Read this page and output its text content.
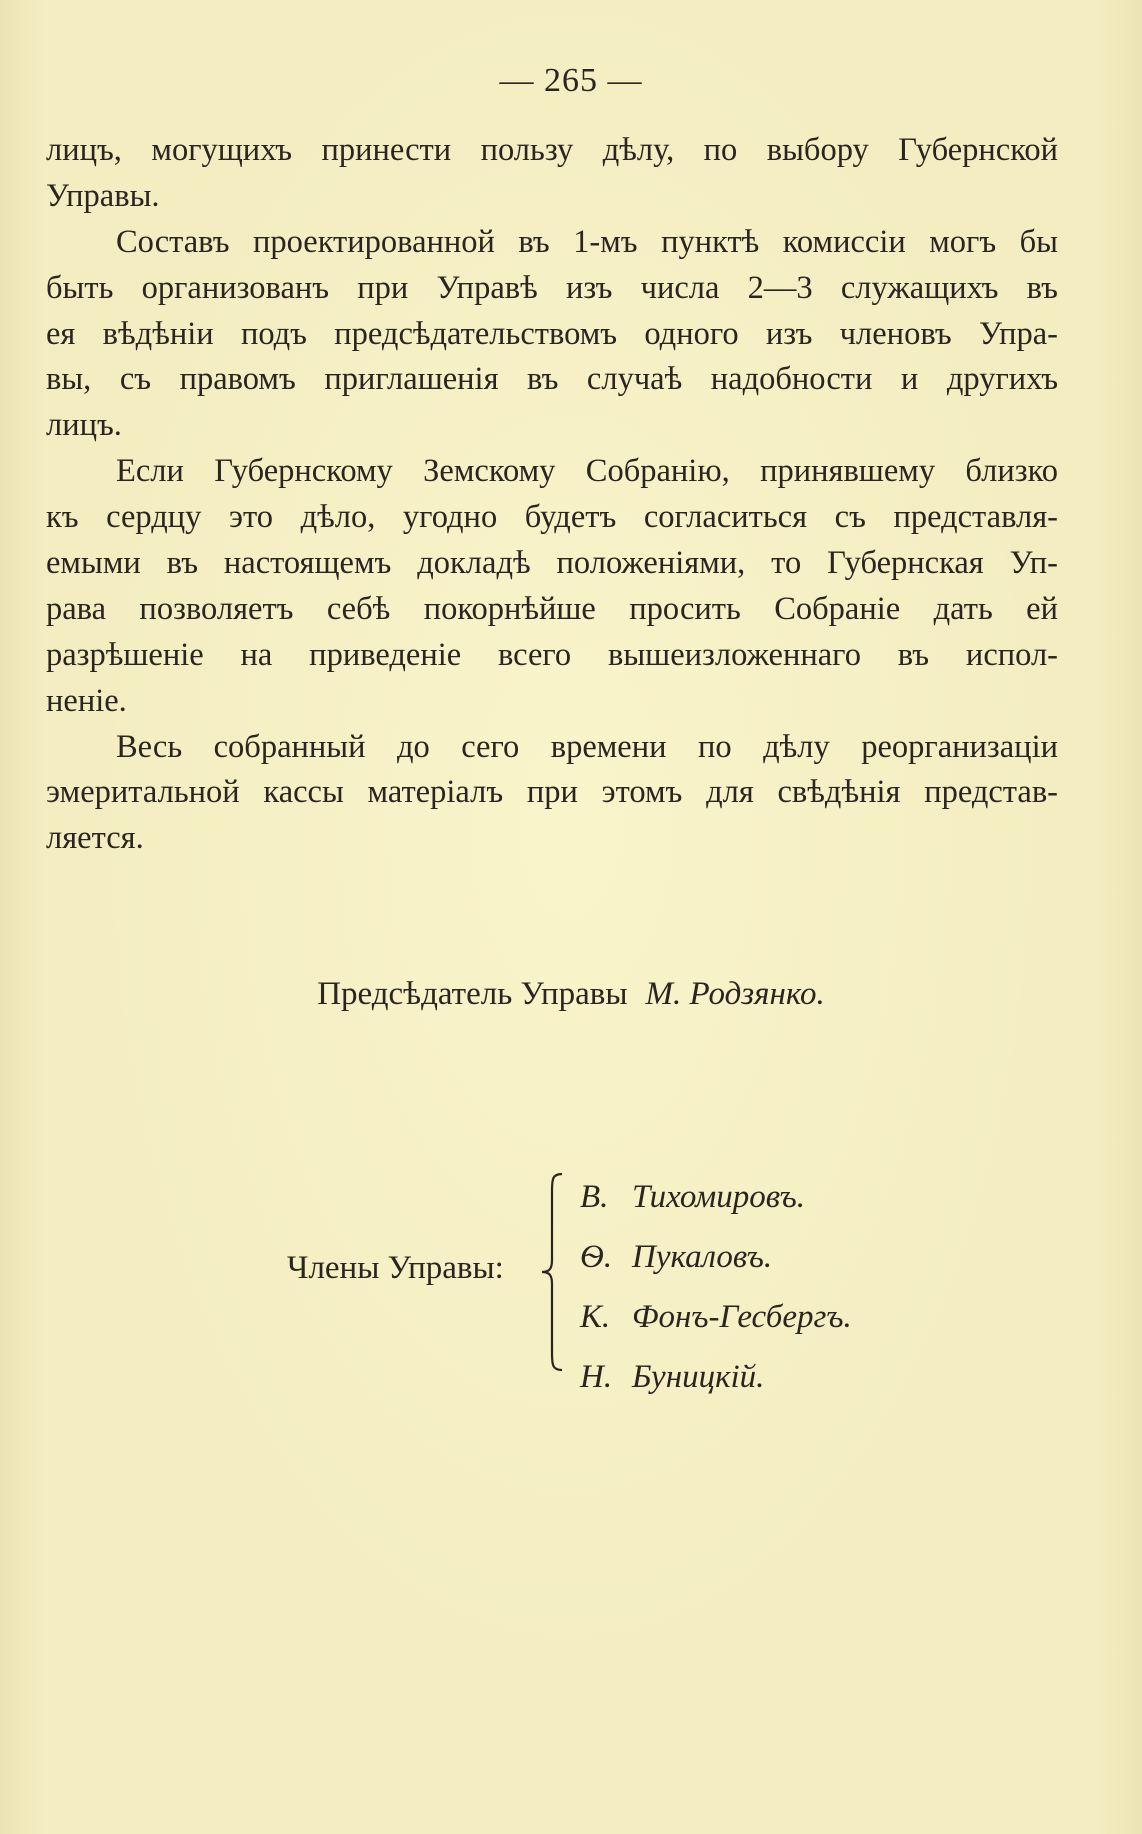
— 265 —
лицъ, могущихъ принести пользу дѣлу, по выбору Губернской
Управы.
Составъ проектированной въ 1-мъ пунктѣ комиссіи могъ бы
быть организованъ при Управѣ изъ числа 2—3 служащихъ въ
ея вѣдѣніи подъ предсѣдательствомъ одного изъ членовъ Упра-
вы, съ правомъ приглашенія въ случаѣ надобности и другихъ
лицъ.
Если Губернскому Земскому Собранію, принявшему близко
къ сердцу это дѣло, угодно будетъ согласиться съ представля-
емыми въ настоящемъ докладѣ положеніями, то Губернская Уп-
рава позволяетъ себѣ покорнѣйше просить Собраніе дать ей
разрѣшеніе на приведеніе всего вышеизложеннаго въ испол-
неніе.
Весь собранный до сего времени по дѣлу реорганизаціи
эмеритальной кассы матеріалъ при этомъ для свѣдѣнія представ-
ляется.
Предсѣдатель Управы М. Родзянко.
Члены Управы:
В. Тихомировъ.
Ѳ. Пукаловъ.
К. Фонъ-Гесбергъ.
Н. Буницкій.
